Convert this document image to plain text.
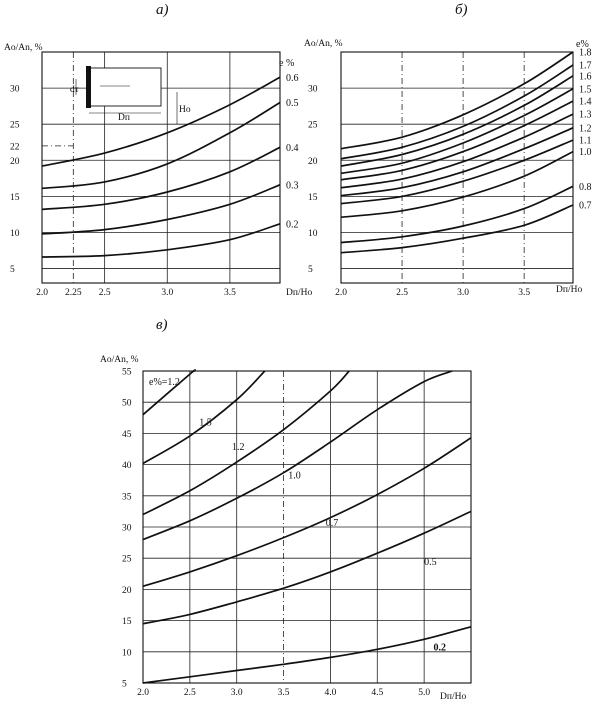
а)	б)
в)
Ao/An, %	Ao/An, %
Ao/An, %
Dп/Hо	Dп/Hо
Dп/Hо
e %
e%
e%=1.2
2.0 2.25 2.5	3.0	3.5
5
10
15
20
22
25
30
0.2
0.3
0.4
0.5
0.6
2.0	2.5	3.0	3.5
5
10
15
20
25
30
0.7
0.8
1.0
1.1
1.2
1.3
1.4
1.5
1.6
1.7
1.8
2.0	2.5	3.0	3.5	4.0	4.5	5.0
5
10
15
20
25
30
35
40
45
50
55
0.2
0.5
0.7
1.0
1.2
1.5
dт
Hо
Dп
